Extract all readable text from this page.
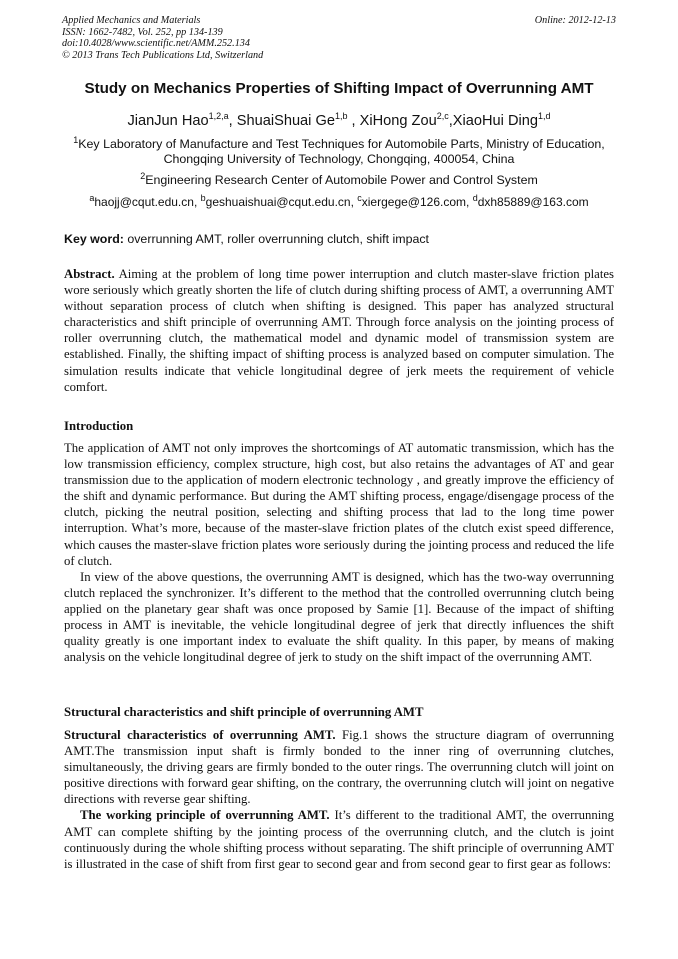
Applied Mechanics and Materials
ISSN: 1662-7482, Vol. 252, pp 134-139
doi:10.4028/www.scientific.net/AMM.252.134
© 2013 Trans Tech Publications Ltd, Switzerland
Online: 2012-12-13
Study on Mechanics Properties of Shifting Impact of Overrunning AMT
JianJun Hao$^{1,2,a}$, ShuaiShuai Ge$^{1,b}$ , XiHong Zou$^{2,c}$,XiaoHui Ding$^{1,d}$
$^1$Key Laboratory of Manufacture and Test Techniques for Automobile Parts, Ministry of Education,
Chongqing University of Technology, Chongqing, 400054, China
$^2$Engineering Research Center of Automobile Power and Control System
$^a$haojj@cqut.edu.cn, $^b$geshuaishuai@cqut.edu.cn, $^c$xiergege@126.com, $^d$dxh85889@163.com
Key word: overrunning AMT, roller overrunning clutch, shift impact

Abstract. Aiming at the problem of long time power interruption and clutch master-slave friction plates wore seriously which greatly shorten the life of clutch during shifting process of AMT, a overrunning AMT without separation process of clutch when shifting is designed. This paper has analyzed structural characteristics and shift principle of overrunning AMT. Through force analysis on the jointing process of roller overrunning clutch, the mathematical model and dynamic model of transmission system are established. Finally, the shifting impact of shifting process is analyzed based on computer simulation. The simulation results indicate that vehicle longitudinal degree of jerk meets the requirement of vehicle comfort.

Introduction

The application of AMT not only improves the shortcomings of AT automatic transmission, which has the low transmission efficiency, complex structure, high cost, but also retains the advantages of AT and gear transmission due to the application of modern electronic technology , and greatly improve the efficiency of the shift and dynamic performance. But during the AMT shifting process, engage/disengage process of the clutch, picking the neutral position, selecting and shifting process that lad to the long time power interruption. What’s more, because of the master-slave friction plates of the clutch exist speed difference, which causes the master-slave friction plates wore seriously during the jointing process and reduced the life of clutch.

In view of the above questions, the overrunning AMT is designed, which has the two-way overrunning clutch replaced the synchronizer. It’s different to the method that the controlled overrunning clutch being applied on the planetary gear shaft was once proposed by Samie [1]. Because of the impact of shifting process in AMT is inevitable, the vehicle longitudinal degree of jerk that directly influences the shift quality greatly is one important index to evaluate the shift quality. In this paper, by means of making analysis on the vehicle longitudinal degree of jerk to study on the shift impact of the overrunning AMT.

Structural characteristics and shift principle of overrunning AMT

Structural characteristics of overrunning AMT. Fig.1 shows the structure diagram of overrunning AMT.The transmission input shaft is firmly bonded to the inner ring of overrunning clutches, simultaneously, the driving gears are firmly bonded to the outer rings. The overrunning clutch will joint on positive directions with forward gear shifting, on the contrary, the overrunning clutch will joint on negative directions with reverse gear shifting.

The working principle of overrunning AMT. It’s different to the traditional AMT, the overrunning AMT can complete shifting by the jointing process of the overrunning clutch, and the clutch is joint continuously during the whole shifting process without separating. The shift principle of overrunning AMT is illustrated in the case of shift from first gear to second gear and from second gear to first gear as follows:
